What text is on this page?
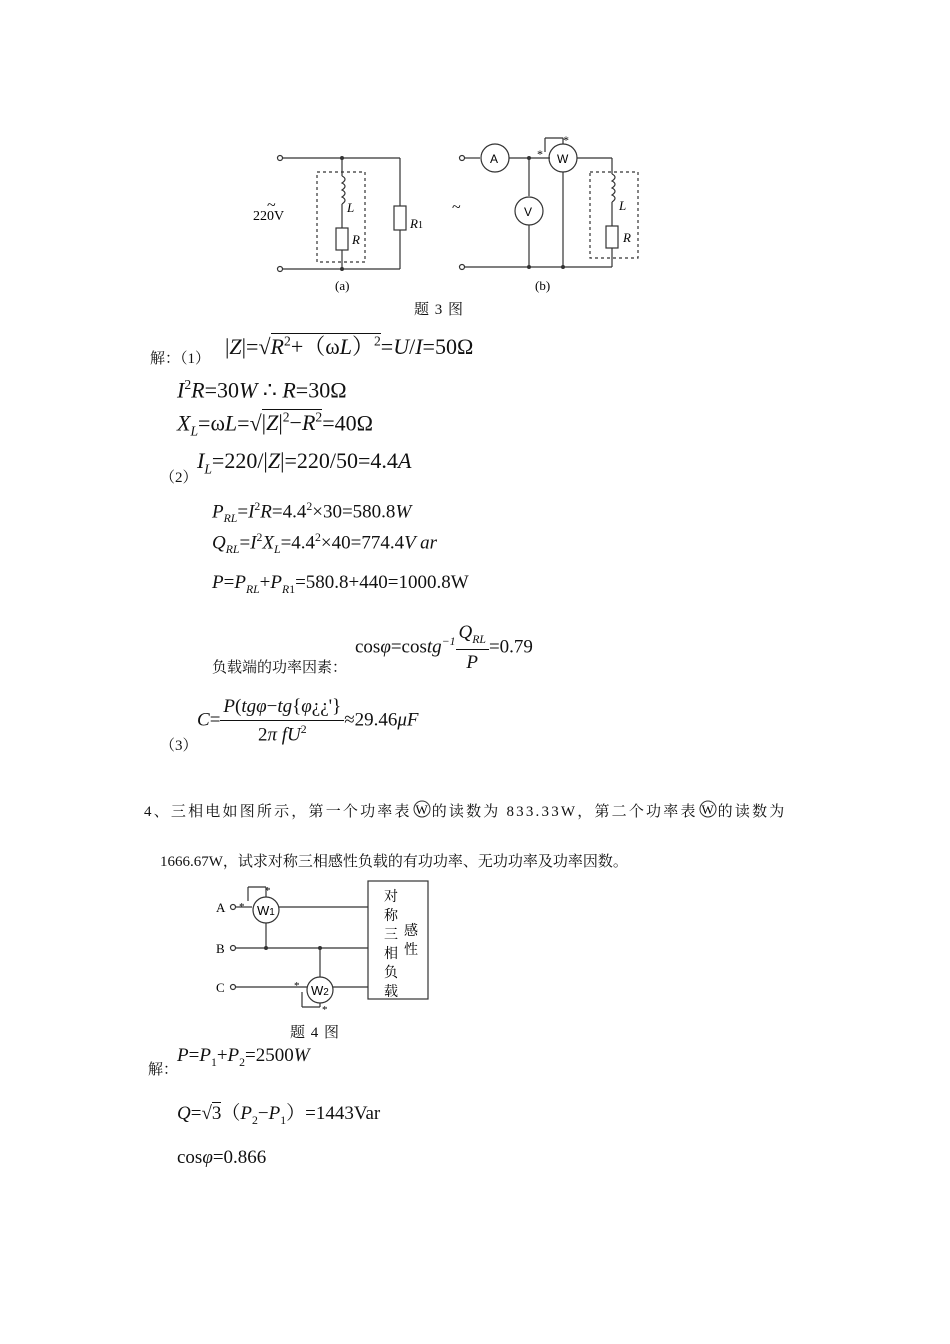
~
220V
L
R
R1
(a)
~
A
V
W
*
*
L
R
(b)
题 3 图
解：（1） $|Z|=√R^2+(\omega L)^2=U/I=50\Omega$
$I^2R=30W$ ∴ R=30Ω
$X_L=\omega L=√|Z|^2-R^2=40\Omega$
（2）
$I_L=220/|Z|=220/50=4.4A$
$P_{RL}=I^2R=4.4^2\times 30=580.8W$
$Q_{RL}=I^2X_L=4.4^2\times 40=774.4V$ ar
$P=P_{RL}+P_{R1}=580.8+440=1000.8W$
cosφ=costg$^{-1}$ $\frac{Q_{RL}}{P} =0.79$
负载端的功率因素：
（3）
$C= \frac{\text{P(tgφ−tg\{φ¿¿'\}}}{2\pi fU^2} \approx 29.46\mu F$
4、三相电如图所示，第一个功率表 W 的读数为 833.33W，第二个功率表 W 的读数为
1666.67W，试求对称三相感性负载的有功功率、无功功率及功率因数。
A
B
C
W1
W2
*
*
*
*
对
称
三
相
负
载
感
性
题 4 图
解：
$P=P_1+P_2=2500W$
$Q=√3(P_2-P_1)=1443Var$
cosφ=0.866
